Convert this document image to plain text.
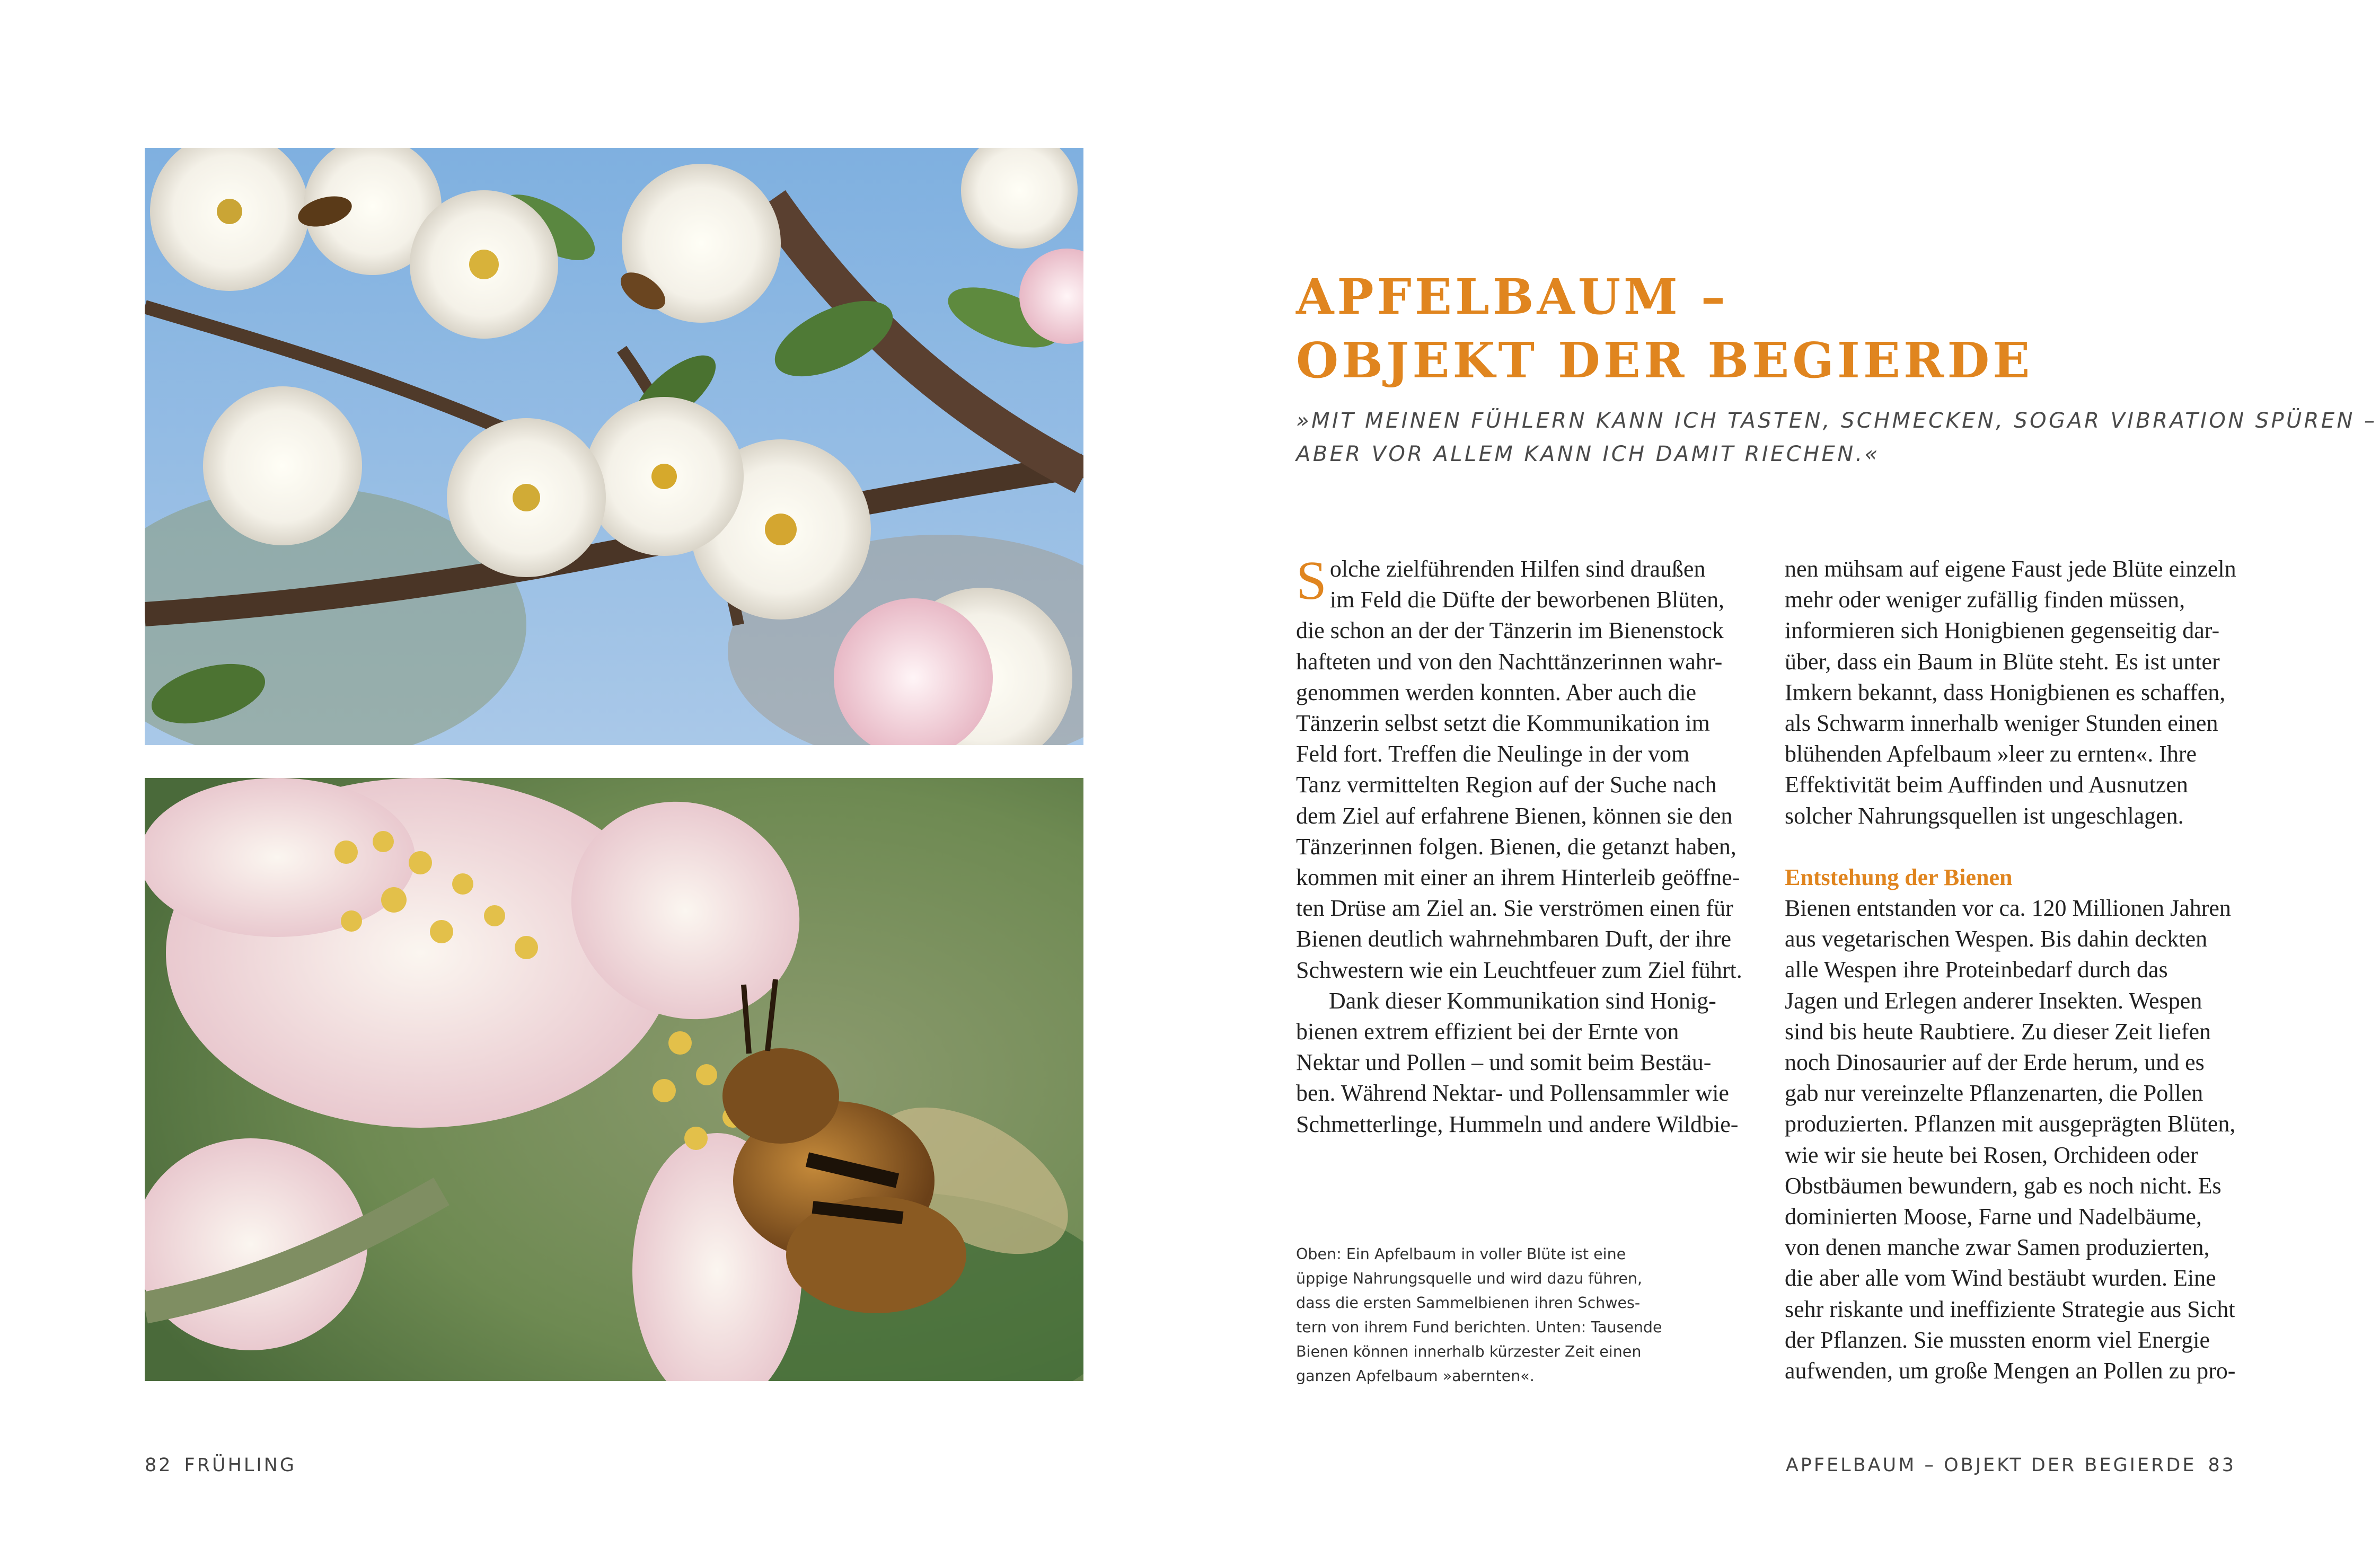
APFELBAUM –
OBJEKT DER BEGIERDE
»MIT MEINEN FÜHLERN KANN ICH TASTEN, SCHMECKEN, SOGAR VIBRATION SPÜREN –
ABER VOR ALLEM KANN ICH DAMIT RIECHEN.«
S olche zielführenden Hilfen sind draußen
im Feld die Düfte der beworbenen Blüten,
die schon an der der Tänzerin im Bienenstock
hafteten und von den Nachttänzerinnen wahr-
genommen werden konnten. Aber auch die
Tänzerin selbst setzt die Kommunikation im
Feld fort. Treffen die Neulinge in der vom
Tanz vermittelten Region auf der Suche nach
dem Ziel auf erfahrene Bienen, können sie den
Tänzerinnen folgen. Bienen, die getanzt haben,
kommen mit einer an ihrem Hinterleib geöffne-
ten Drüse am Ziel an. Sie verströmen einen für
Bienen deutlich wahrnehmbaren Duft, der ihre
Schwestern wie ein Leuchtfeuer zum Ziel führt.
Dank dieser Kommunikation sind Honig-
bienen extrem effizient bei der Ernte von
Nektar und Pollen – und somit beim Bestäu-
ben. Während Nektar- und Pollensammler wie
Schmetterlinge, Hummeln und andere Wildbie-
Oben: Ein Apfelbaum in voller Blüte ist eine
üppige Nahrungsquelle und wird dazu führen,
dass die ersten Sammelbienen ihren Schwes-
tern von ihrem Fund berichten. Unten: Tausende
Bienen können innerhalb kürzester Zeit einen
ganzen Apfelbaum »abernten«.
nen mühsam auf eigene Faust jede Blüte einzeln
mehr oder weniger zufällig finden müssen,
informieren sich Honigbienen gegenseitig dar-
über, dass ein Baum in Blüte steht. Es ist unter
Imkern bekannt, dass Honigbienen es schaffen,
als Schwarm innerhalb weniger Stunden einen
blühenden Apfelbaum »leer zu ernten«. Ihre
Effektivität beim Auffinden und Ausnutzen
solcher Nahrungsquellen ist ungeschlagen.
Entstehung der Bienen
Bienen entstanden vor ca. 120 Millionen Jahren
aus vegetarischen Wespen. Bis dahin deckten
alle Wespen ihre Proteinbedarf durch das
Jagen und Erlegen anderer Insekten. Wespen
sind bis heute Raubtiere. Zu dieser Zeit liefen
noch Dinosaurier auf der Erde herum, und es
gab nur vereinzelte Pflanzenarten, die Pollen
produzierten. Pflanzen mit ausgeprägten Blüten,
wie wir sie heute bei Rosen, Orchideen oder
Obstbäumen bewundern, gab es noch nicht. Es
dominierten Moose, Farne und Nadelbäume,
von denen manche zwar Samen produzierten,
die aber alle vom Wind bestäubt wurden. Eine
sehr riskante und ineffiziente Strategie aus Sicht
der Pflanzen. Sie mussten enorm viel Energie
aufwenden, um große Mengen an Pollen zu pro-
82 FRÜHLING	APFELBAUM – OBJEKT DER BEGIERDE 83
